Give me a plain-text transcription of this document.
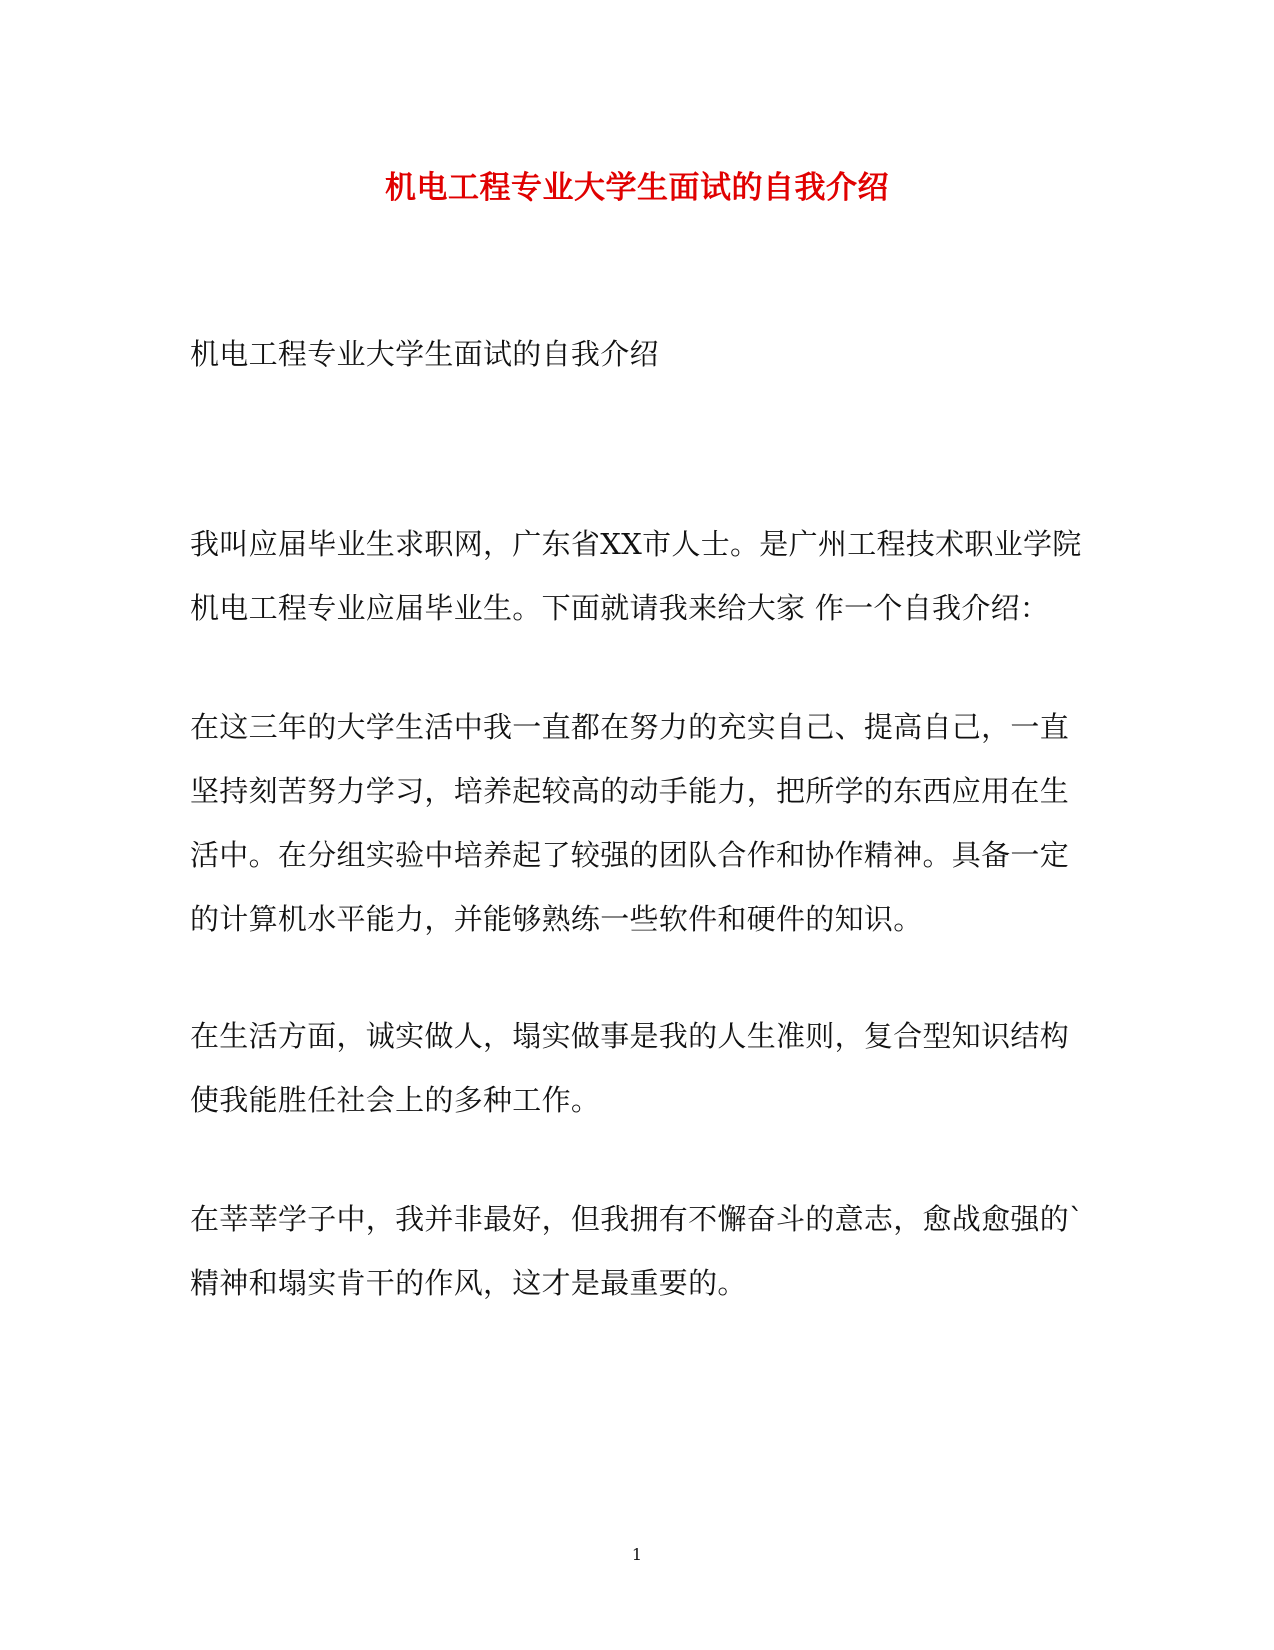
机电工程专业大学生面试的自我介绍
机电工程专业大学生面试的自我介绍
我叫应届毕业生求职网，广东省XX市人士。是广州工程技术职业学院
机电工程专业应届毕业生。下面就请我来给大家 作一个自我介绍：
在这三年的大学生活中我一直都在努力的充实自己、提高自己，一直
坚持刻苦努力学习，培养起较高的动手能力，把所学的东西应用在生
活中。在分组实验中培养起了较强的团队合作和协作精神。具备一定
的计算机水平能力，并能够熟练一些软件和硬件的知识。
在生活方面，诚实做人，塌实做事是我的人生准则，复合型知识结构
使我能胜任社会上的多种工作。
在莘莘学子中，我并非最好，但我拥有不懈奋斗的意志，愈战愈强的`
精神和塌实肯干的作风，这才是最重要的。
1
